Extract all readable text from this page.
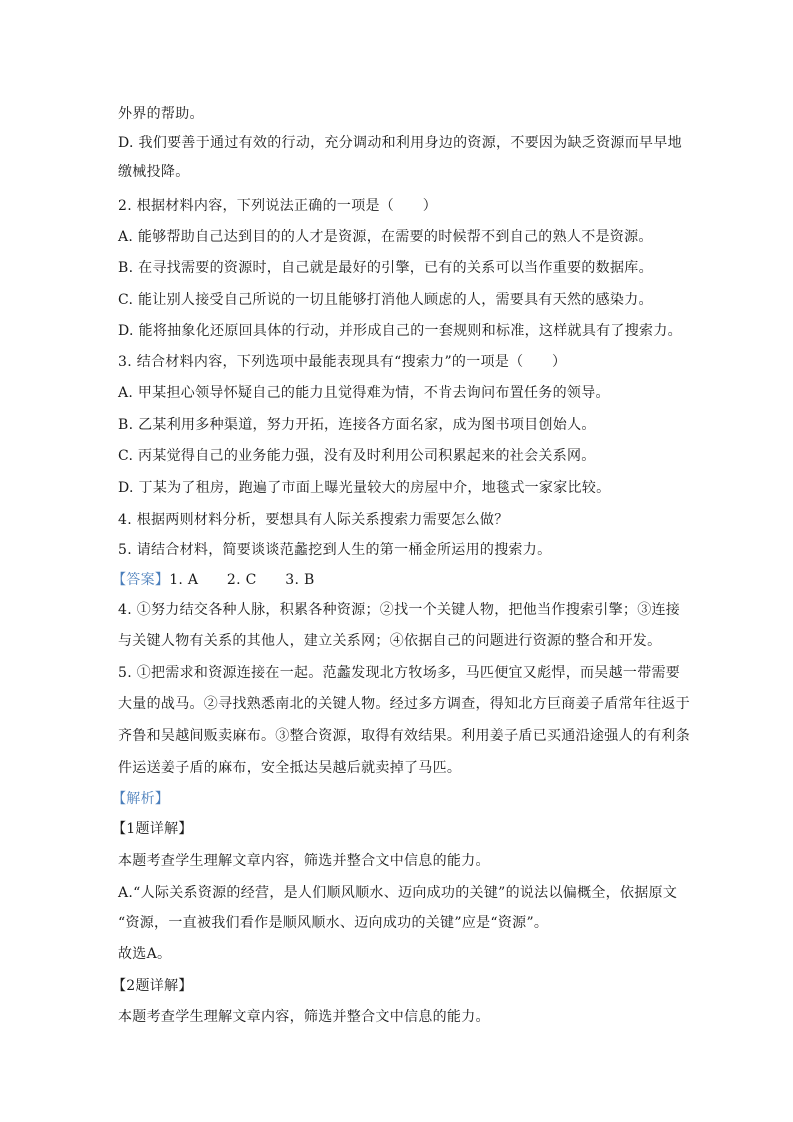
外界的帮助。
D. 我们要善于通过有效的行动，充分调动和利用身边的资源，不要因为缺乏资源而早早地
缴械投降。
2. 根据材料内容，下列说法正确的一项是（　　）
A. 能够帮助自己达到目的的人才是资源，在需要的时候帮不到自己的熟人不是资源。
B. 在寻找需要的资源时，自己就是最好的引擎，已有的关系可以当作重要的数据库。
C. 能让别人接受自己所说的一切且能够打消他人顾虑的人，需要具有天然的感染力。
D. 能将抽象化还原回具体的行动，并形成自己的一套规则和标准，这样就具有了搜索力。
3. 结合材料内容，下列选项中最能表现具有“搜索力”的一项是（　　）
A. 甲某担心领导怀疑自己的能力且觉得难为情，不肯去询问布置任务的领导。
B. 乙某利用多种渠道，努力开拓，连接各方面名家，成为图书项目创始人。
C. 丙某觉得自己的业务能力强，没有及时利用公司积累起来的社会关系网。
D. 丁某为了租房，跑遍了市面上曝光量较大的房屋中介，地毯式一家家比较。
4. 根据两则材料分析，要想具有人际关系搜索力需要怎么做？
5. 请结合材料，简要谈谈范蠡挖到人生的第一桶金所运用的搜索力。
【答案】1. A　　2. C　　3. B
4. ①努力结交各种人脉，积累各种资源；②找一个关键人物，把他当作搜索引擎；③连接
与关键人物有关系的其他人，建立关系网；④依据自己的问题进行资源的整合和开发。
5. ①把需求和资源连接在一起。范蠡发现北方牧场多，马匹便宜又彪悍，而吴越一带需要
大量的战马。②寻找熟悉南北的关键人物。经过多方调查，得知北方巨商姜子盾常年往返于
齐鲁和吴越间贩卖麻布。③整合资源，取得有效结果。利用姜子盾已买通沿途强人的有利条
件运送姜子盾的麻布，安全抵达吴越后就卖掉了马匹。
【解析】
【1题详解】
本题考查学生理解文章内容，筛选并整合文中信息的能力。
A.“人际关系资源的经营，是人们顺风顺水、迈向成功的关键”的说法以偏概全，依据原文
“资源，一直被我们看作是顺风顺水、迈向成功的关键”应是“资源”。
故选A。
【2题详解】
本题考查学生理解文章内容，筛选并整合文中信息的能力。
